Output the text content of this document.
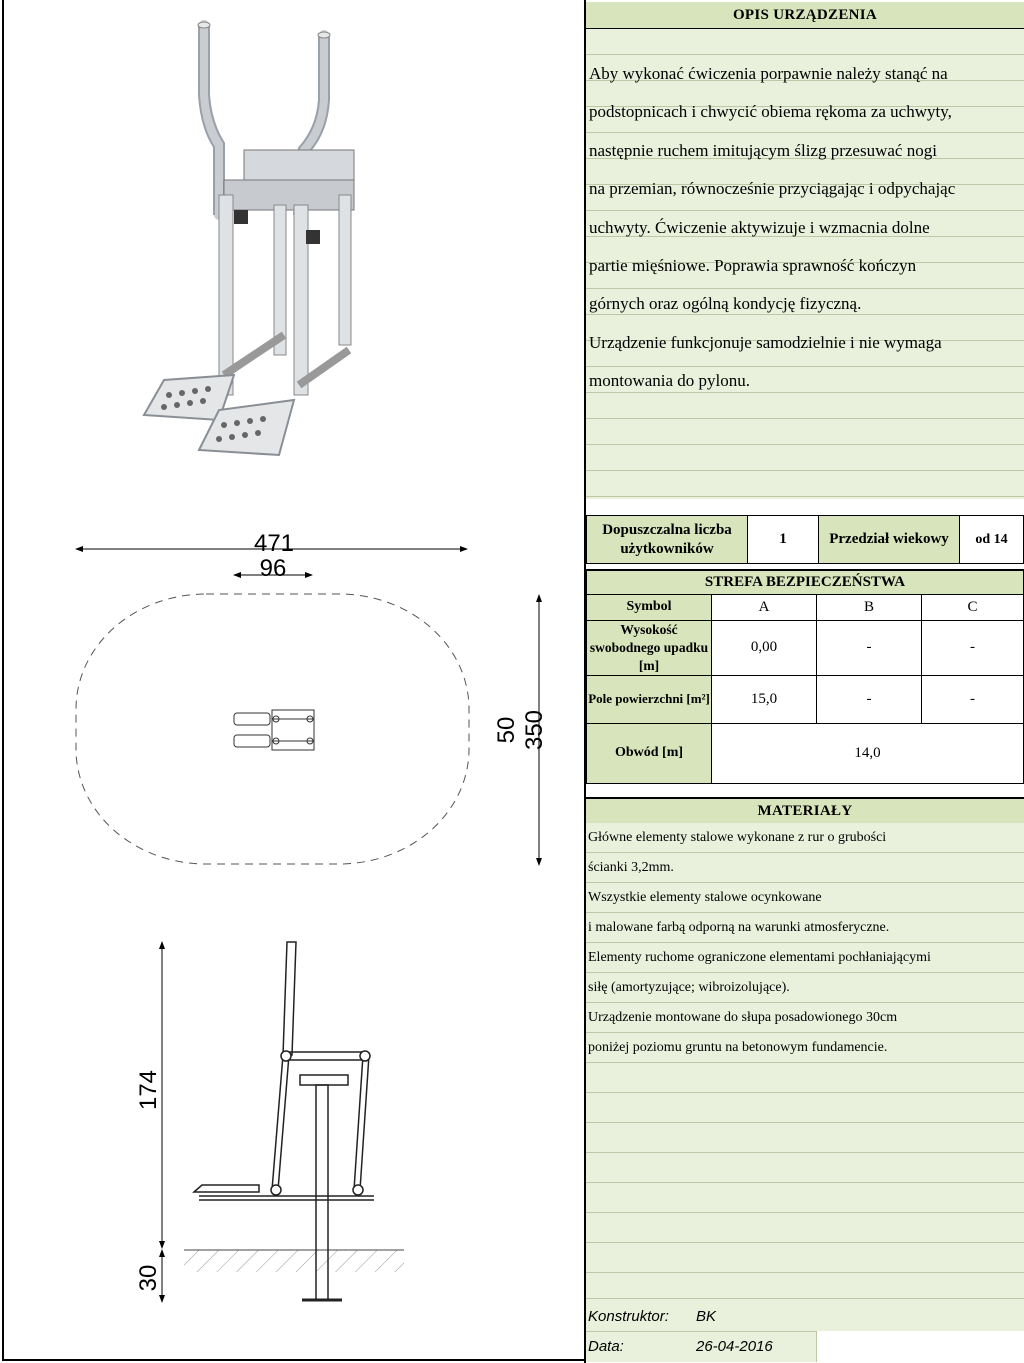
471
96
50 350
174
30
OPIS URZĄDZENIA
Aby wykonać ćwiczenia porpawnie należy stanąć na
podstopnicach i chwycić obiema rękoma za uchwyty,
następnie ruchem imitującym ślizg przesuwać nogi
na przemian, równocześnie przyciągając i odpychając
uchwyty. Ćwiczenie aktywizuje i wzmacnia dolne
partie mięśniowe. Poprawia sprawność kończyn
górnych oraz ogólną kondycję fizyczną.
Urządzenie funkcjonuje samodzielnie i nie wymaga
montowania do pylonu.
Dopuszczalna liczba użytkowników	1	Przedział wiekowy	od 14
STREFA BEZPIECZEŃSTWA			
Symbol	A	B	C
Wysokość swobodnego upadku [m]	0,00	-	-
Pole powierzchni [m²]	15,0	-	-
Obwód [m]	14,0		
MATERIAŁY
Główne elementy stalowe wykonane z rur o grubości
ścianki 3,2mm.
Wszystkie elementy stalowe ocynkowane
i malowane farbą odporną na warunki atmosferyczne.
Elementy ruchome ograniczone elementami pochłaniającymi
siłę (amortyzujące; wibroizolujące).
Urządzenie montowane do słupa posadowionego 30cm
poniżej poziomu gruntu na betonowym fundamencie.
Konstruktor: BK
Data:	26-04-2016
